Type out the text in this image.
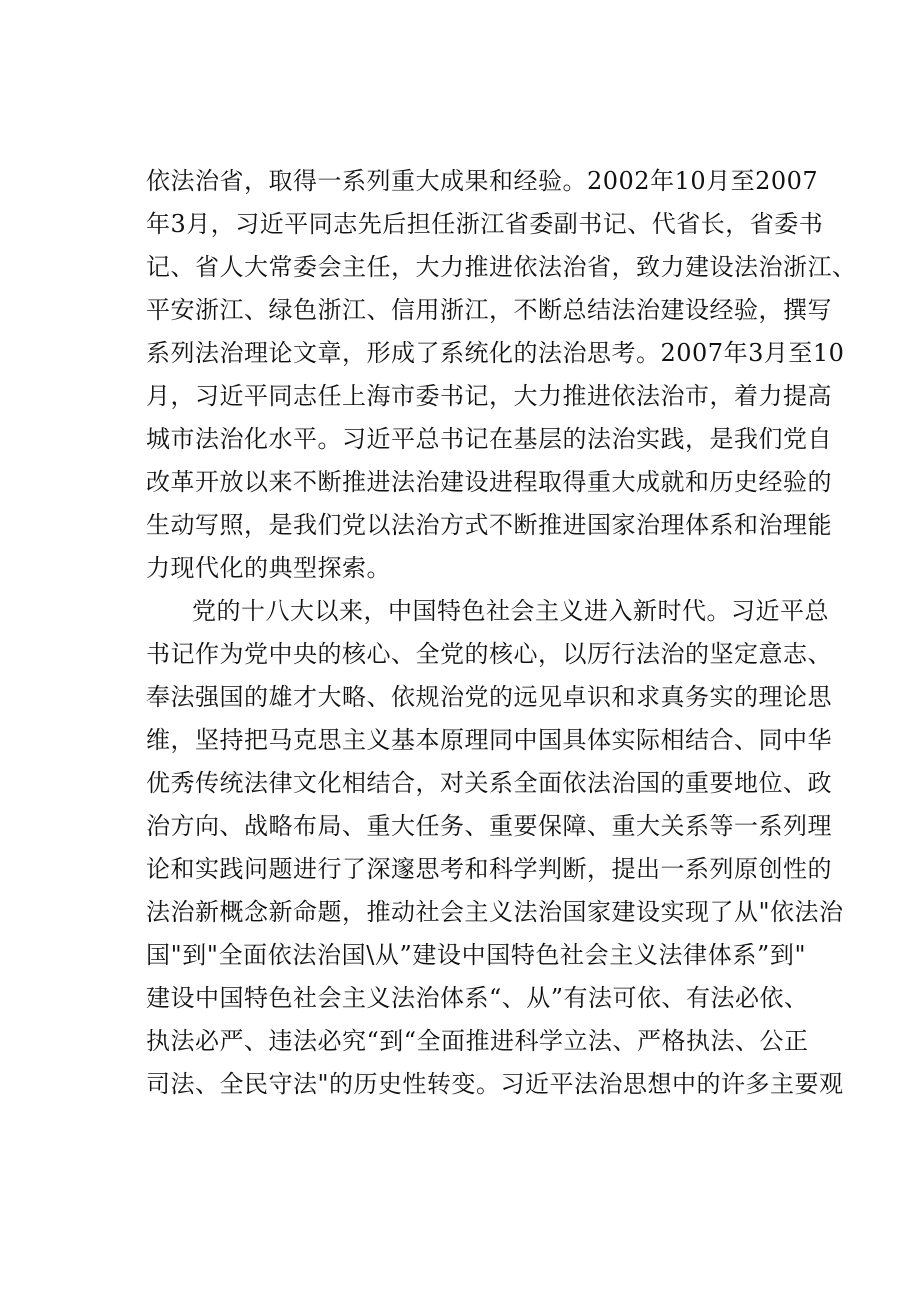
依法治省，取得一系列重大成果和经验。2002年10月至2007
年3月，习近平同志先后担任浙江省委副书记、代省长，省委书
记、省人大常委会主任，大力推进依法治省，致力建设法治浙江、
平安浙江、绿色浙江、信用浙江，不断总结法治建设经验，撰写
系列法治理论文章，形成了系统化的法治思考。2007年3月至10
月，习近平同志任上海市委书记，大力推进依法治市，着力提高
城市法治化水平。习近平总书记在基层的法治实践，是我们党自
改革开放以来不断推进法治建设进程取得重大成就和历史经验的
生动写照，是我们党以法治方式不断推进国家治理体系和治理能
力现代化的典型探索。
党的十八大以来，中国特色社会主义进入新时代。习近平总
书记作为党中央的核心、全党的核心，以厉行法治的坚定意志、
奉法强国的雄才大略、依规治党的远见卓识和求真务实的理论思
维，坚持把马克思主义基本原理同中国具体实际相结合、同中华
优秀传统法律文化相结合，对关系全面依法治国的重要地位、政
治方向、战略布局、重大任务、重要保障、重大关系等一系列理
论和实践问题进行了深邃思考和科学判断，提出一系列原创性的
法治新概念新命题，推动社会主义法治国家建设实现了从"依法治
国"到"全面依法治国\从”建设中国特色社会主义法律体系”到"
建设中国特色社会主义法治体系“、从”有法可依、有法必依、
执法必严、违法必究“到“全面推进科学立法、严格执法、公正
司法、全民守法"的历史性转变。习近平法治思想中的许多主要观
